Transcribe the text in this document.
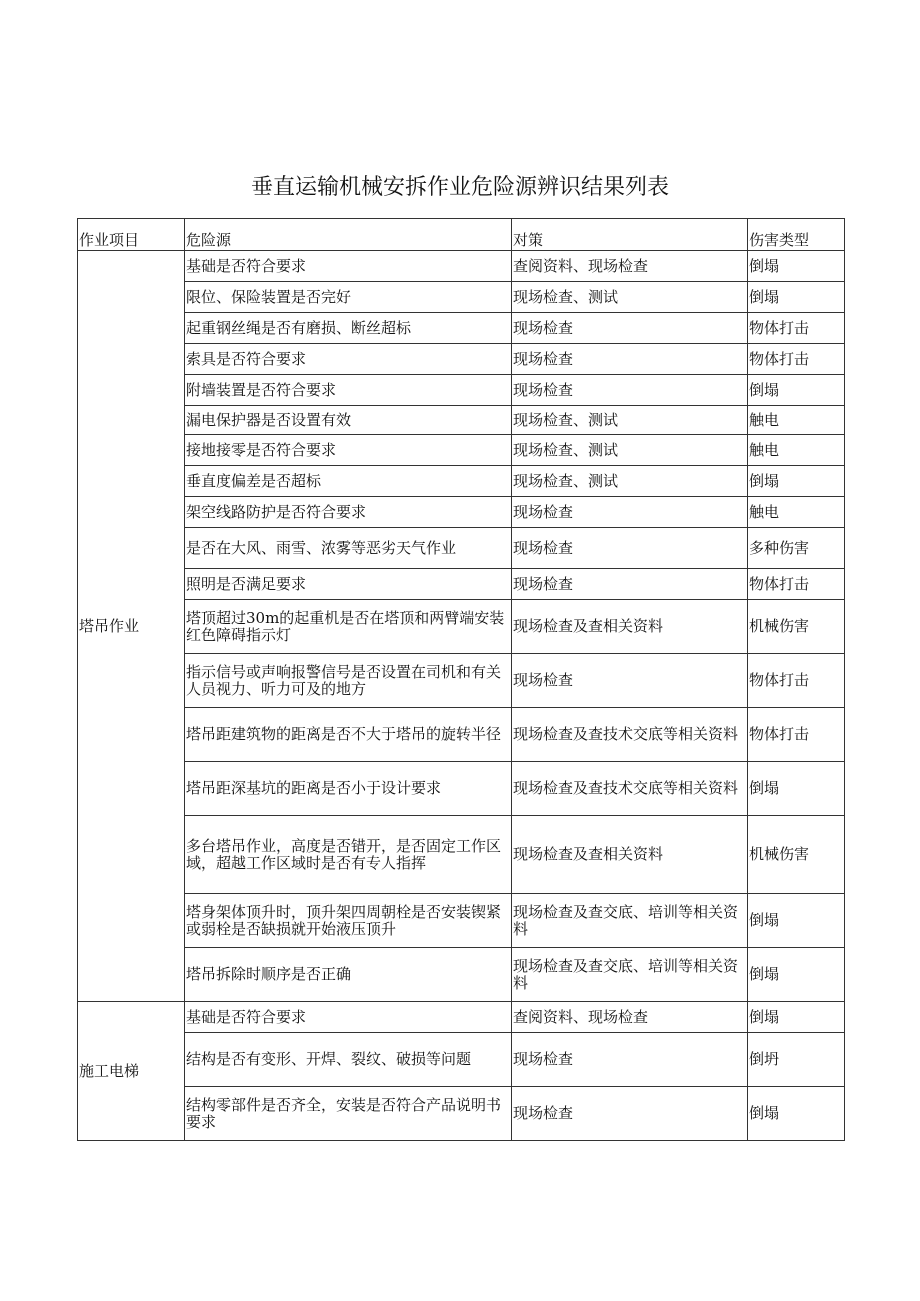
垂直运输机械安拆作业危险源辨识结果列表
作业项目	危险源	对策	伤害类型
塔吊作业	基础是否符合要求	查阅资料、现场检查	倒塌
	限位、保险装置是否完好	现场检查、测试	倒塌
	起重钢丝绳是否有磨损、断丝超标	现场检查	物体打击
	索具是否符合要求	现场检查	物体打击
	附墙装置是否符合要求	现场检查	倒塌
	漏电保护器是否设置有效	现场检查、测试	触电
	接地接零是否符合要求	现场检查、测试	触电
	垂直度偏差是否超标	现场检查、测试	倒塌
	架空线路防护是否符合要求	现场检查	触电
	是否在大风、雨雪、浓雾等恶劣天气作业	现场检查	多种伤害
	照明是否满足要求	现场检查	物体打击
	塔顶超过30m的起重机是否在塔顶和两臂端安装红色障碍指示灯	现场检查及查相关资料	机械伤害
	指示信号或声响报警信号是否设置在司机和有关人员视力、听力可及的地方	现场检查	物体打击
	塔吊距建筑物的距离是否不大于塔吊的旋转半径	现场检查及查技术交底等相关资料	物体打击
	塔吊距深基坑的距离是否小于设计要求	现场检查及查技术交底等相关资料	倒塌
	多台塔吊作业，高度是否错开，是否固定工作区域，超越工作区域时是否有专人指挥	现场检查及查相关资料	机械伤害
	塔身架体顶升时，顶升架四周朝栓是否安装锲紧或弱栓是否缺损就开始液压顶升	现场检查及查交底、培训等相关资料	倒塌
	塔吊拆除时顺序是否正确	现场检查及查交底、培训等相关资料	倒塌
施工电梯	基础是否符合要求	查阅资料、现场检查	倒塌
	结构是否有变形、开焊、裂纹、破损等问题	现场检查	倒坍
	结构零部件是否齐全，安装是否符合产品说明书要求	现场检查	倒塌
